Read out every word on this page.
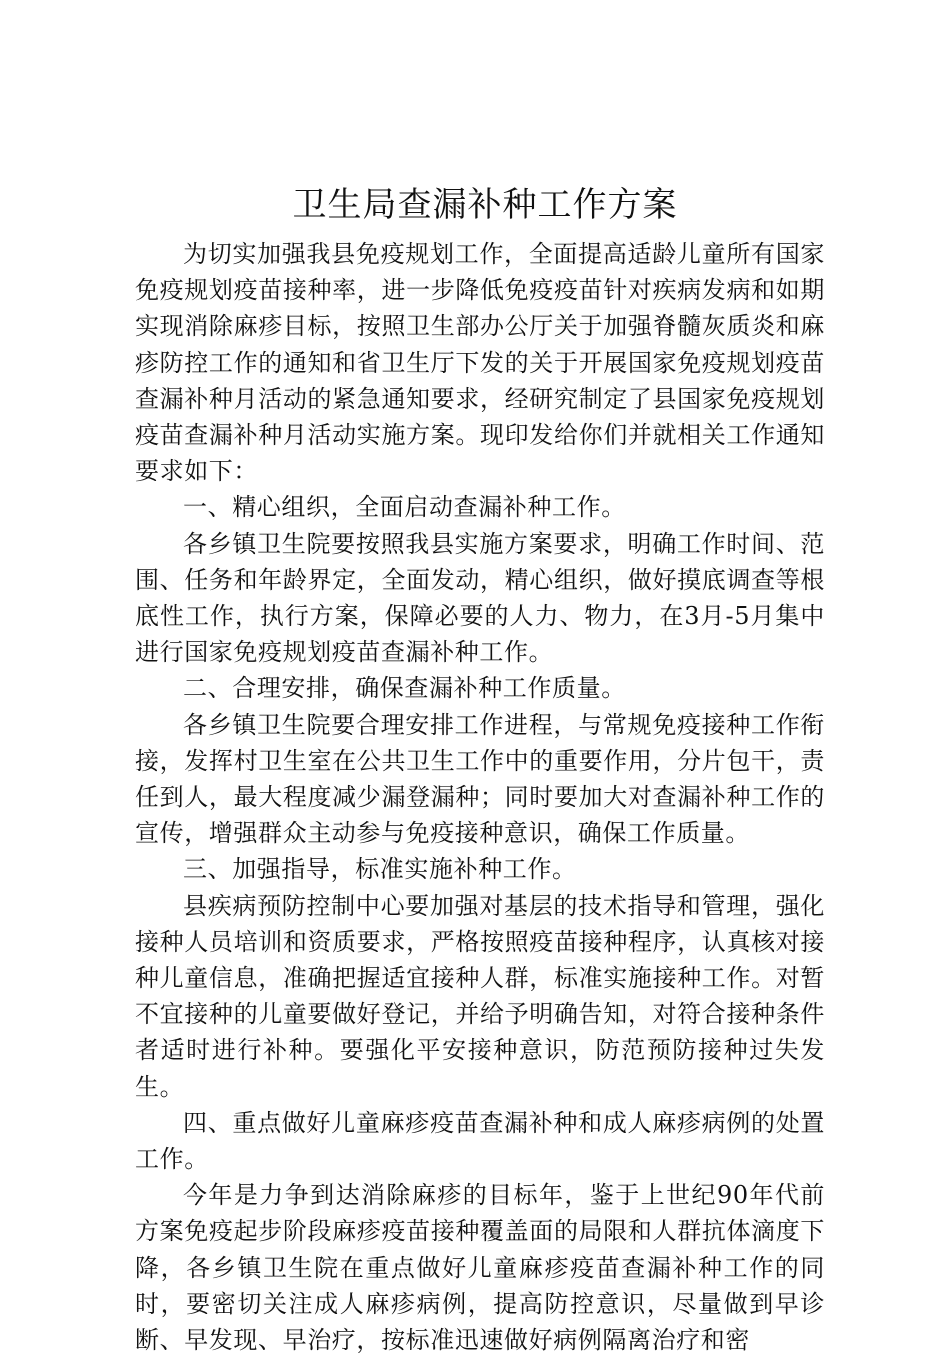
卫生局查漏补种工作方案

为切实加强我县免疫规划工作，全面提高适龄儿童所有国家免疫规划疫苗接种率，进一步降低免疫疫苗针对疾病发病和如期实现消除麻疹目标，按照卫生部办公厅关于加强脊髓灰质炎和麻疹防控工作的通知和省卫生厅下发的关于开展国家免疫规划疫苗查漏补种月活动的紧急通知要求，经研究制定了县国家免疫规划疫苗查漏补种月活动实施方案。现印发给你们并就相关工作通知要求如下：

一、精心组织，全面启动查漏补种工作。

各乡镇卫生院要按照我县实施方案要求，明确工作时间、范围、任务和年龄界定，全面发动，精心组织，做好摸底调查等根底性工作，执行方案，保障必要的人力、物力，在3月-5月集中进行国家免疫规划疫苗查漏补种工作。

二、合理安排，确保查漏补种工作质量。

各乡镇卫生院要合理安排工作进程，与常规免疫接种工作衔接，发挥村卫生室在公共卫生工作中的重要作用，分片包干，责任到人，最大程度减少漏登漏种；同时要加大对查漏补种工作的宣传，增强群众主动参与免疫接种意识，确保工作质量。

三、加强指导，标准实施补种工作。

县疾病预防控制中心要加强对基层的技术指导和管理，强化接种人员培训和资质要求，严格按照疫苗接种程序，认真核对接种儿童信息，准确把握适宜接种人群，标准实施接种工作。对暂不宜接种的儿童要做好登记，并给予明确告知，对符合接种条件者适时进行补种。要强化平安接种意识，防范预防接种过失发生。

四、重点做好儿童麻疹疫苗查漏补种和成人麻疹病例的处置工作。

今年是力争到达消除麻疹的目标年，鉴于上世纪90年代前方案免疫起步阶段麻疹疫苗接种覆盖面的局限和人群抗体滴度下降，各乡镇卫生院在重点做好儿童麻疹疫苗查漏补种工作的同时，要密切关注成人麻疹病例，提高防控意识，尽量做到早诊断、早发现、早治疗，按标准迅速做好病例隔离治疗和密
